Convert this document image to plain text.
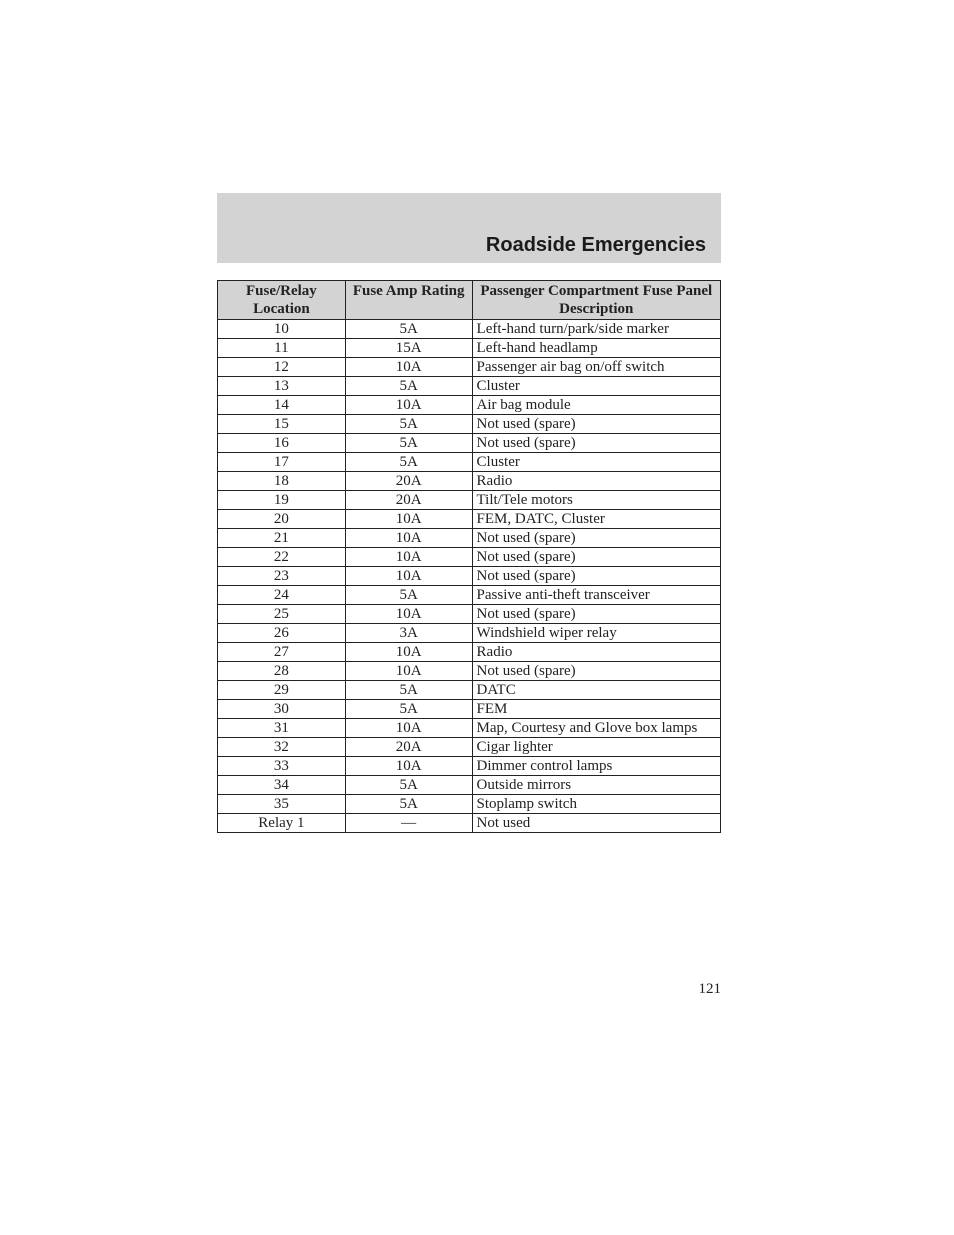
Roadside Emergencies
Fuse/Relay Location	Fuse Amp Rating	Passenger Compartment Fuse Panel Description
10	5A	Left-hand turn/park/side marker
11	15A	Left-hand headlamp
12	10A	Passenger air bag on/off switch
13	5A	Cluster
14	10A	Air bag module
15	5A	Not used (spare)
16	5A	Not used (spare)
17	5A	Cluster
18	20A	Radio
19	20A	Tilt/Tele motors
20	10A	FEM, DATC, Cluster
21	10A	Not used (spare)
22	10A	Not used (spare)
23	10A	Not used (spare)
24	5A	Passive anti-theft transceiver
25	10A	Not used (spare)
26	3A	Windshield wiper relay
27	10A	Radio
28	10A	Not used (spare)
29	5A	DATC
30	5A	FEM
31	10A	Map, Courtesy and Glove box lamps
32	20A	Cigar lighter
33	10A	Dimmer control lamps
34	5A	Outside mirrors
35	5A	Stoplamp switch
Relay 1	—	Not used
121
